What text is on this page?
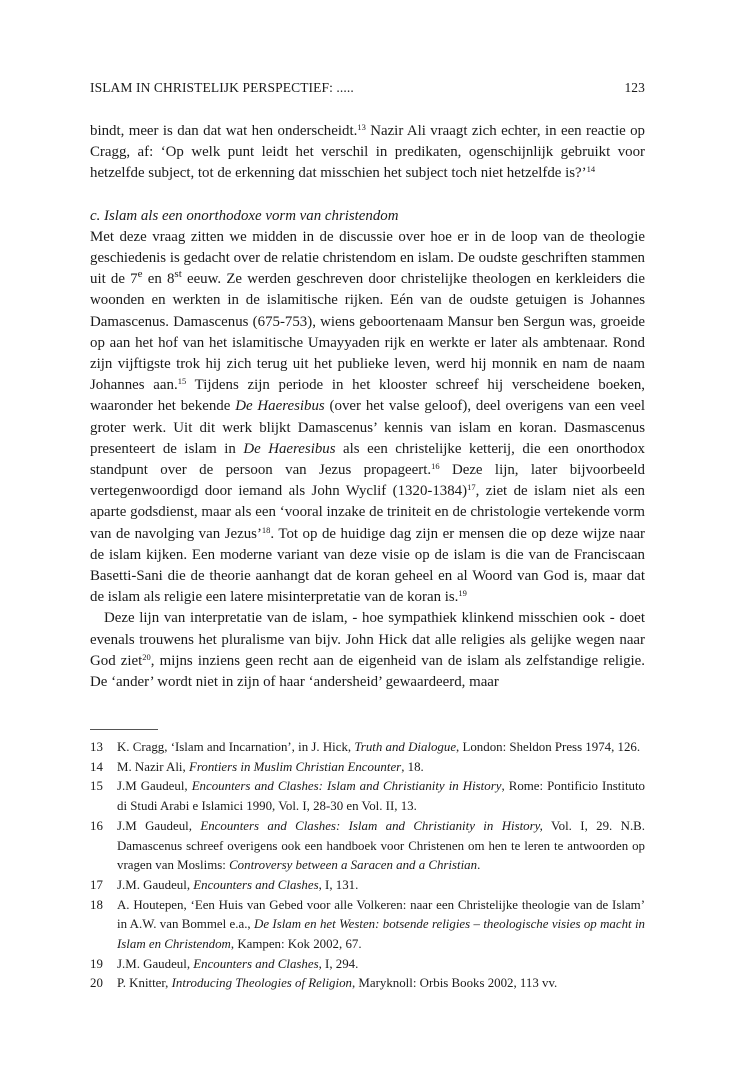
ISLAM IN CHRISTELIJK PERSPECTIEF: .....	123

bindt, meer is dan dat wat hen onderscheidt.$^{13}$ Nazir Ali vraagt zich echter, in een reactie op Cragg, af: ‘Op welk punt leidt het verschil in predikaten, ogenschijnlijk gebruikt voor hetzelfde subject, tot de erkenning dat misschien het subject toch niet hetzelfde is?’$^{14}$

c. Islam als een onorthodoxe vorm van christendom

Met deze vraag zitten we midden in de discussie over hoe er in de loop van de theologie geschiedenis is gedacht over de relatie christendom en islam. De oudste geschriften stammen uit de 7e en 8st eeuw. Ze werden geschreven door christelijke theologen en kerkleiders die woonden en werkten in de islamitische rijken. Eén van de oudste getuigen is Johannes Damascenus. Damascenus (675-753), wiens geboortenaam Mansur ben Sergun was, groeide op aan het hof van het islamitische Umayyaden rijk en werkte er later als ambtenaar. Rond zijn vijftigste trok hij zich terug uit het publieke leven, werd hij monnik en nam de naam Johannes aan.$^{15}$ Tijdens zijn periode in het klooster schreef hij verscheidene boeken, waaronder het bekende De Haeresibus (over het valse geloof), deel overigens van een veel groter werk. Uit dit werk blijkt Damascenus’ kennis van islam en koran. Dasmascenus presenteert de islam in De Haeresibus als een christelijke ketterij, die een onorthodox standpunt over de persoon van Jezus propageert.$^{16}$ Deze lijn, later bijvoorbeeld vertegenwoordigd door iemand als John Wyclif (1320-1384)$^{17}$, ziet de islam niet als een aparte godsdienst, maar als een ‘vooral inzake de triniteit en de christologie vertekende vorm van de navolging van Jezus’$^{18}$. Tot op de huidige dag zijn er mensen die op deze wijze naar de islam kijken. Een moderne variant van deze visie op de islam is die van de Franciscaan Basetti-Sani die de theorie aanhangt dat de koran geheel en al Woord van God is, maar dat de islam als religie een latere misinterpretatie van de koran is.$^{19}$

Deze lijn van interpretatie van de islam, - hoe sympathiek klinkend misschien ook - doet evenals trouwens het pluralisme van bijv. John Hick dat alle religies als gelijke wegen naar God ziet$^{20}$, mijns inziens geen recht aan de eigenheid van de islam als zelfstandige religie. De ‘ander’ wordt niet in zijn of haar ‘andersheid’ gewaardeerd, maar

13 K. Cragg, ‘Islam and Incarnation’, in J. Hick, Truth and Dialogue, London: Sheldon Press 1974, 126.
14 M. Nazir Ali, Frontiers in Muslim Christian Encounter, 18.
15 J.M Gaudeul, Encounters and Clashes: Islam and Christianity in History, Rome: Pontificio Instituto di Studi Arabi e Islamici 1990, Vol. I, 28-30 en Vol. II, 13.
16 J.M Gaudeul, Encounters and Clashes: Islam and Christianity in History, Vol. I, 29. N.B. Damascenus schreef overigens ook een handboek voor Christenen om hen te leren te antwoorden op vragen van Moslims: Controversy between a Saracen and a Christian.
17 J.M. Gaudeul, Encounters and Clashes, I, 131.
18 A. Houtepen, ‘Een Huis van Gebed voor alle Volkeren: naar een Christelijke theologie van de Islam’ in A.W. van Bommel e.a., De Islam en het Westen: botsende religies – theologische visies op macht in Islam en Christendom, Kampen: Kok 2002, 67.
19 J.M. Gaudeul, Encounters and Clashes, I, 294.
20 P. Knitter, Introducing Theologies of Religion, Maryknoll: Orbis Books 2002, 113 vv.
